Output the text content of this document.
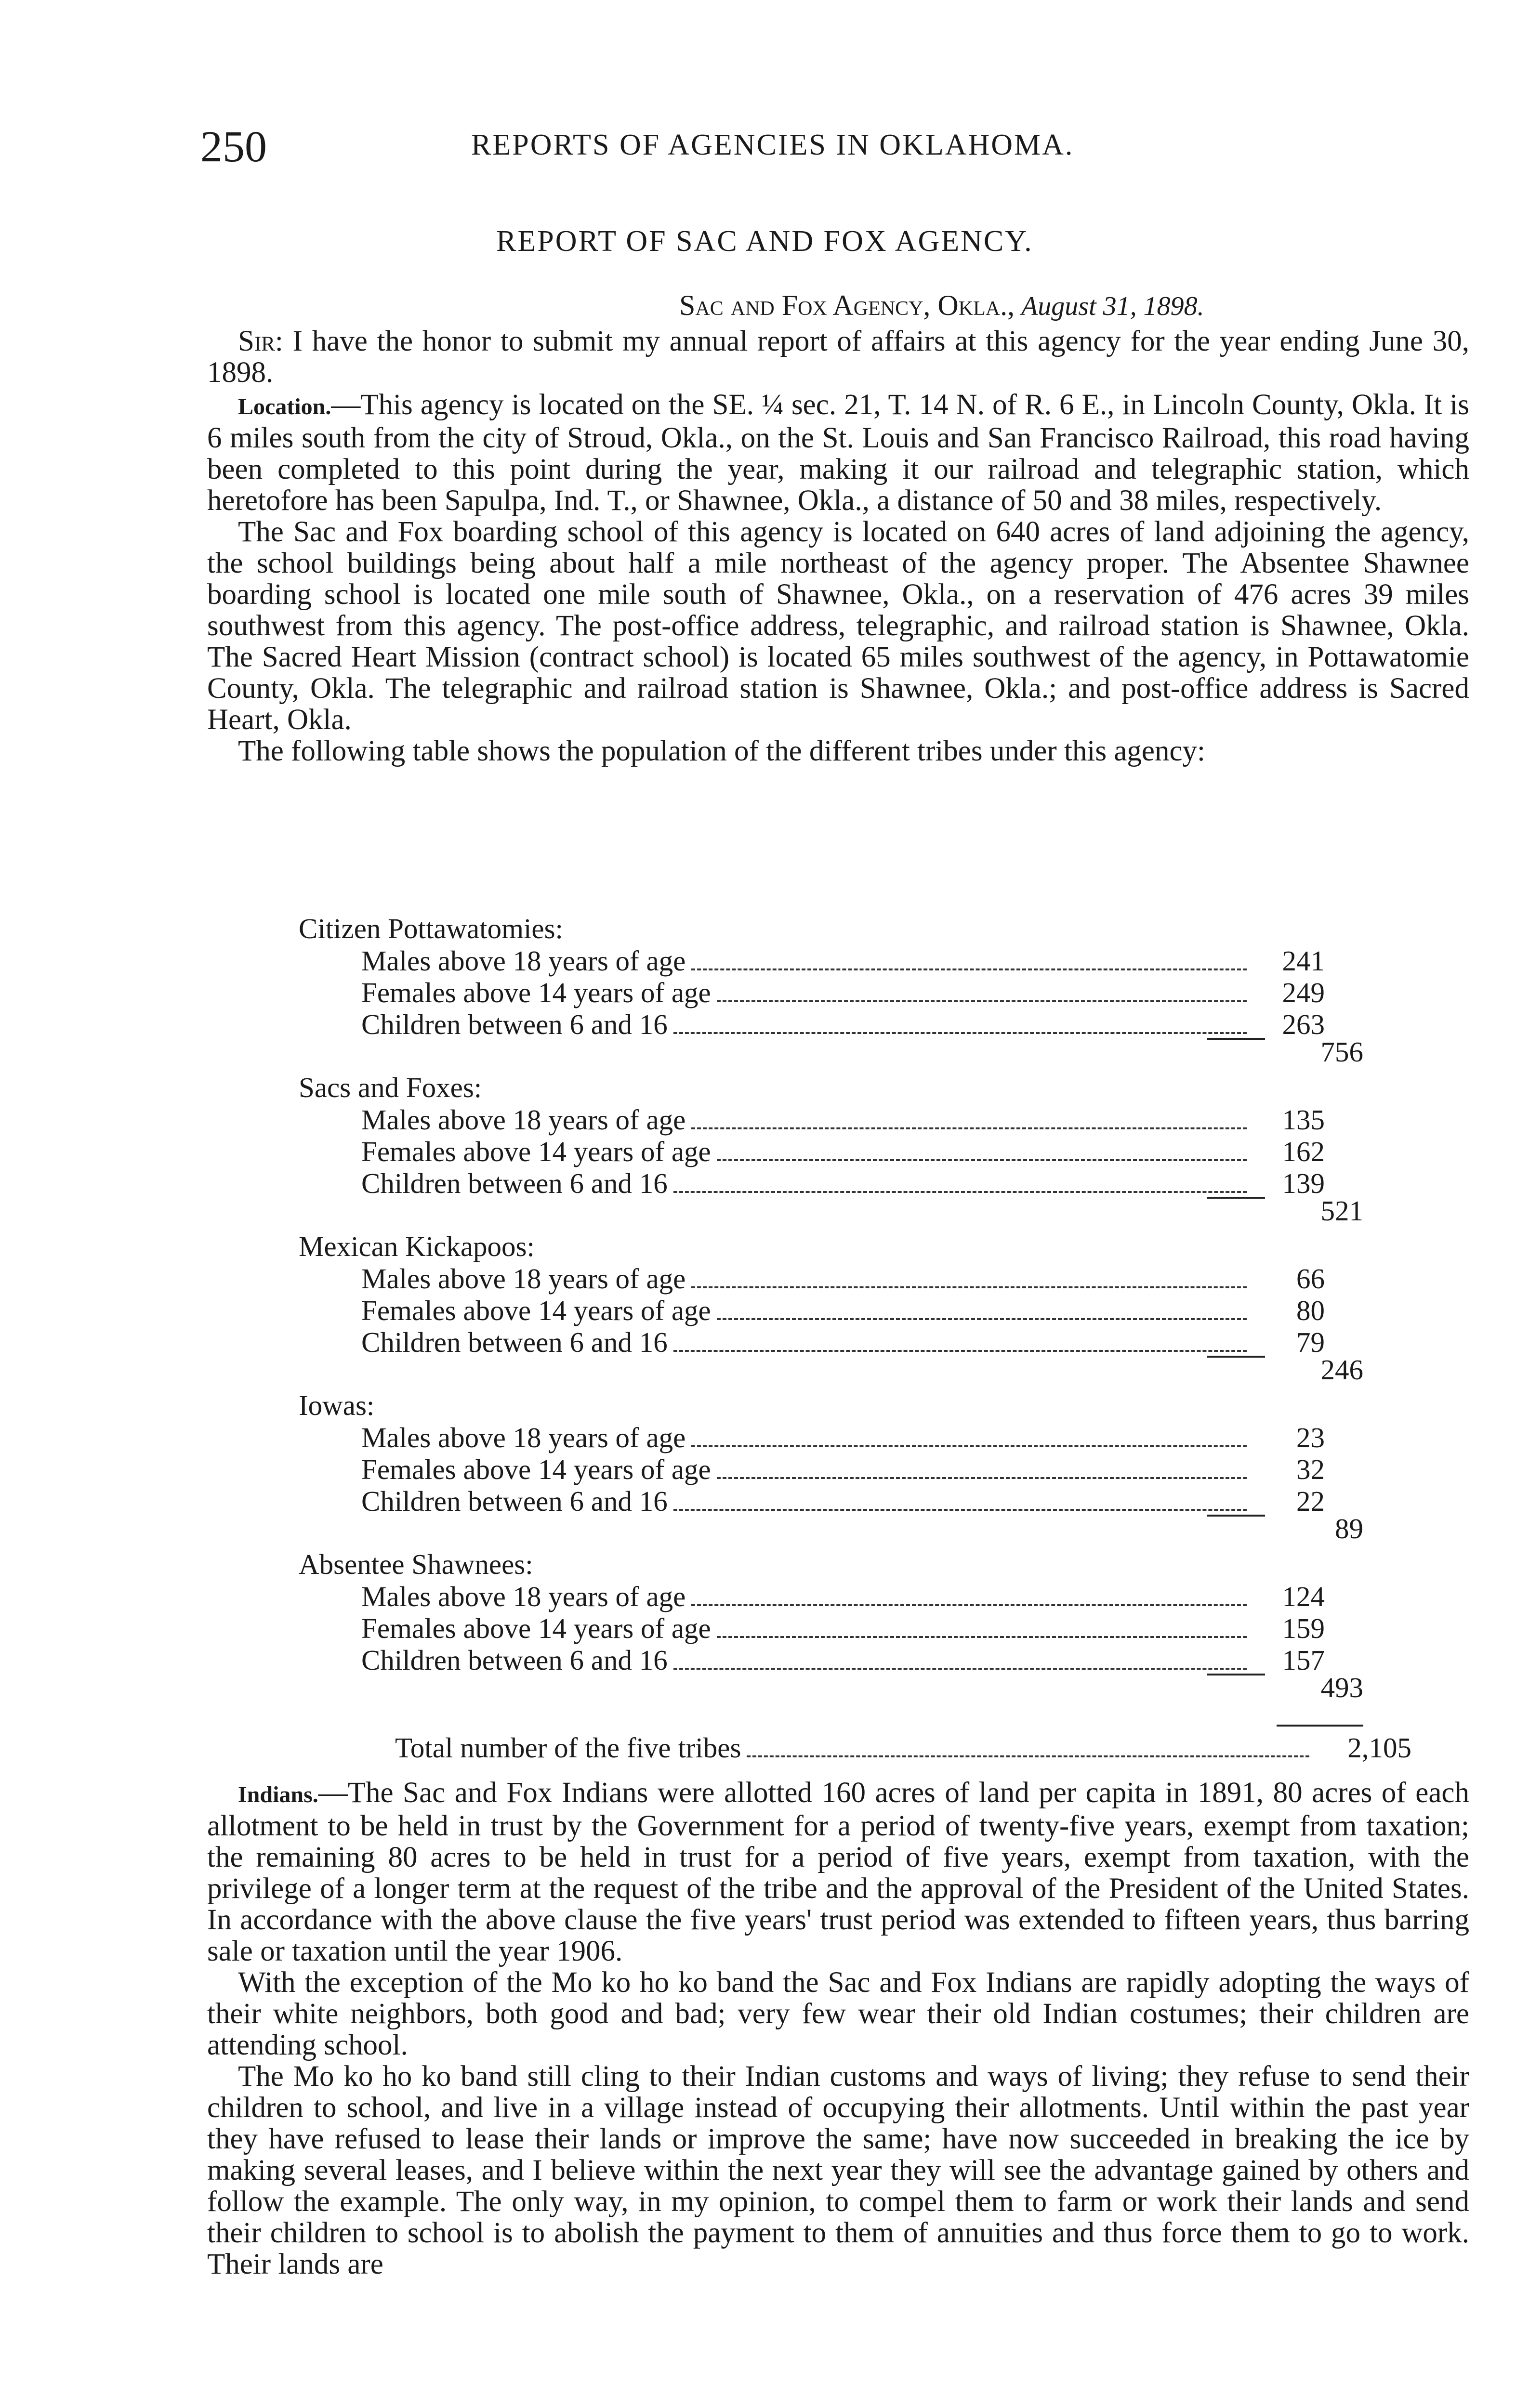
250	REPORTS OF AGENCIES IN OKLAHOMA.
REPORT OF SAC AND FOX AGENCY.
Sac and Fox Agency, Okla., August 31, 1898.

Sir: I have the honor to submit my annual report of affairs at this agency for the year ending June 30, 1898.

Location.—This agency is located on the SE. ¼ sec. 21, T. 14 N. of R. 6 E., in Lincoln County, Okla. It is 6 miles south from the city of Stroud, Okla., on the St. Louis and San Francisco Railroad, this road having been completed to this point during the year, making it our railroad and telegraphic station, which heretofore has been Sapulpa, Ind. T., or Shawnee, Okla., a distance of 50 and 38 miles, respectively.

The Sac and Fox boarding school of this agency is located on 640 acres of land adjoining the agency, the school buildings being about half a mile northeast of the agency proper. The Absentee Shawnee boarding school is located one mile south of Shawnee, Okla., on a reservation of 476 acres 39 miles southwest from this agency. The post-office address, telegraphic, and railroad station is Shawnee, Okla. The Sacred Heart Mission (contract school) is located 65 miles southwest of the agency, in Pottawatomie County, Okla. The telegraphic and railroad station is Shawnee, Okla.; and post-office address is Sacred Heart, Okla.

The following table shows the population of the different tribes under this agency:

Citizen Pottawatomies:
Males above 18 years of age	241
Females above 14 years of age	249
Children between 6 and 16	263
756
Sacs and Foxes:
Males above 18 years of age	135
Females above 14 years of age	162
Children between 6 and 16	139
521
Mexican Kickapoos:
Males above 18 years of age	66
Females above 14 years of age	80
Children between 6 and 16	79
246
Iowas:
Males above 18 years of age	23
Females above 14 years of age	32
Children between 6 and 16	22
89
Absentee Shawnees:
Males above 18 years of age	124
Females above 14 years of age	159
Children between 6 and 16	157
493
Total number of the five tribes	2,105

Indians.—The Sac and Fox Indians were allotted 160 acres of land per capita in 1891, 80 acres of each allotment to be held in trust by the Government for a period of twenty-five years, exempt from taxation; the remaining 80 acres to be held in trust for a period of five years, exempt from taxation, with the privilege of a longer term at the request of the tribe and the approval of the President of the United States. In accordance with the above clause the five years' trust period was extended to fifteen years, thus barring sale or taxation until the year 1906.

With the exception of the Mo ko ho ko band the Sac and Fox Indians are rapidly adopting the ways of their white neighbors, both good and bad; very few wear their old Indian costumes; their children are attending school.

The Mo ko ho ko band still cling to their Indian customs and ways of living; they refuse to send their children to school, and live in a village instead of occupying their allotments. Until within the past year they have refused to lease their lands or improve the same; have now succeeded in breaking the ice by making several leases, and I believe within the next year they will see the advantage gained by others and follow the example. The only way, in my opinion, to compel them to farm or work their lands and send their children to school is to abolish the payment to them of annuities and thus force them to go to work. Their lands are
